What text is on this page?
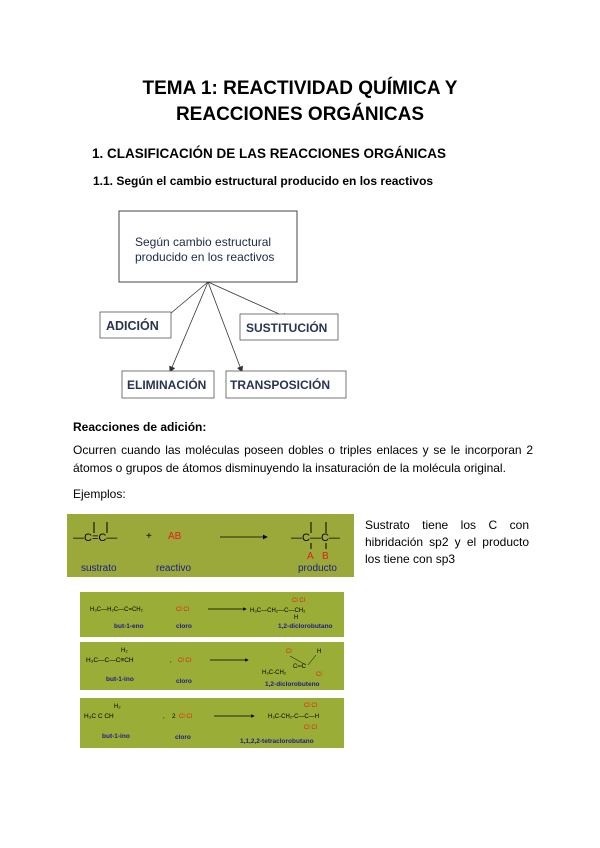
TEMA 1: REACTIVIDAD QUÍMICA Y
REACCIONES ORGÁNICAS
1. CLASIFICACIÓN DE LAS REACCIONES ORGÁNICAS
1.1. Según el cambio estructural producido en los reactivos
Según cambio estructural
producido en los reactivos
ADICIÓN	SUSTITUCIÓN
ELIMINACIÓN TRANSPOSICIÓN
Reacciones de adición:
Ocurren cuando las moléculas poseen dobles o triples enlaces y se le incorporan 2 átomos o grupos de átomos disminuyendo la insaturación de la molécula original.
Ejemplos:
—C=C—	+ AB	—C—C—
A B
sustrato	reactivo	producto
Sustrato tiene los C con hibridación sp2 y el producto los tiene con sp3
H₃C—H₂C—C=CH₂	Cl Cl
Cl Cl
H₃C—CH₂—C—CH₂
H
but-1-eno	cloro	1,2-diclorobutano
H₂
H₃C—C—C≡CH	, Cl Cl
Cl	H
C═C
H₃C-CH₂	Cl
but-1-ino	cloro	1,2-diclorobuteno
H₂
H₃C C CH	, 2 Cl Cl
Cl Cl
H₃C-CH₂-C—C—H
Cl Cl
but-1-ino	cloro
1,1,2,2-tetraclorobutano
